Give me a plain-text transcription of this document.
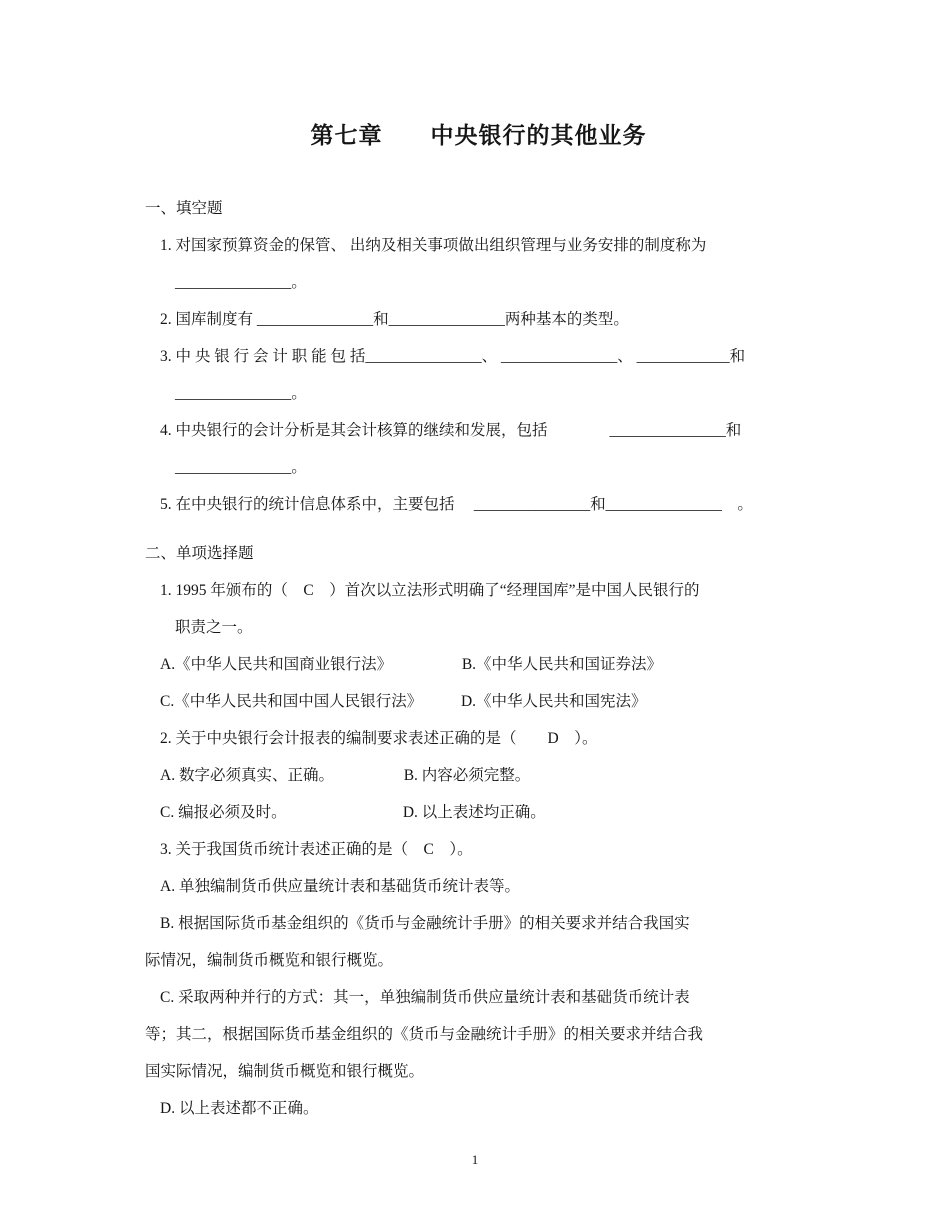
第七章　　中央银行的其他业务

一、填空题

1. 对国家预算资金的保管、 出纳及相关事项做出组织管理与业务安排的制度称为

_______________。

2. 国库制度有 _______________和_______________两种基本的类型。

3. 中 央 银 行 会 计 职 能 包 括_______________、 _______________、 ____________和

_______________。

4. 中央银行的会计分析是其会计核算的继续和发展，包括　　　　_______________和

_______________。

5. 在中央银行的统计信息体系中，主要包括 　_______________和_______________　。

二、单项选择题

1. 1995 年颁布的（　C　）首次以立法形式明确了“经理国库”是中国人民银行的

职责之一。

A.《中华人民共和国商业银行法》　　　　　B.《中华人民共和国证券法》

C.《中华人民共和国中国人民银行法》　　　D.《中华人民共和国宪法》

2. 关于中央银行会计报表的编制要求表述正确的是（　　D　）。

A. 数字必须真实、正确。　　　　　B. 内容必须完整。

C. 编报必须及时。　　　　　　　　D. 以上表述均正确。

3. 关于我国货币统计表述正确的是（　C　）。

A. 单独编制货币供应量统计表和基础货币统计表等。

B. 根据国际货币基金组织的《货币与金融统计手册》的相关要求并结合我国实

际情况，编制货币概览和银行概览。

C. 采取两种并行的方式：其一，单独编制货币供应量统计表和基础货币统计表

等；其二，根据国际货币基金组织的《货币与金融统计手册》的相关要求并结合我

国实际情况，编制货币概览和银行概览。

D. 以上表述都不正确。

1
